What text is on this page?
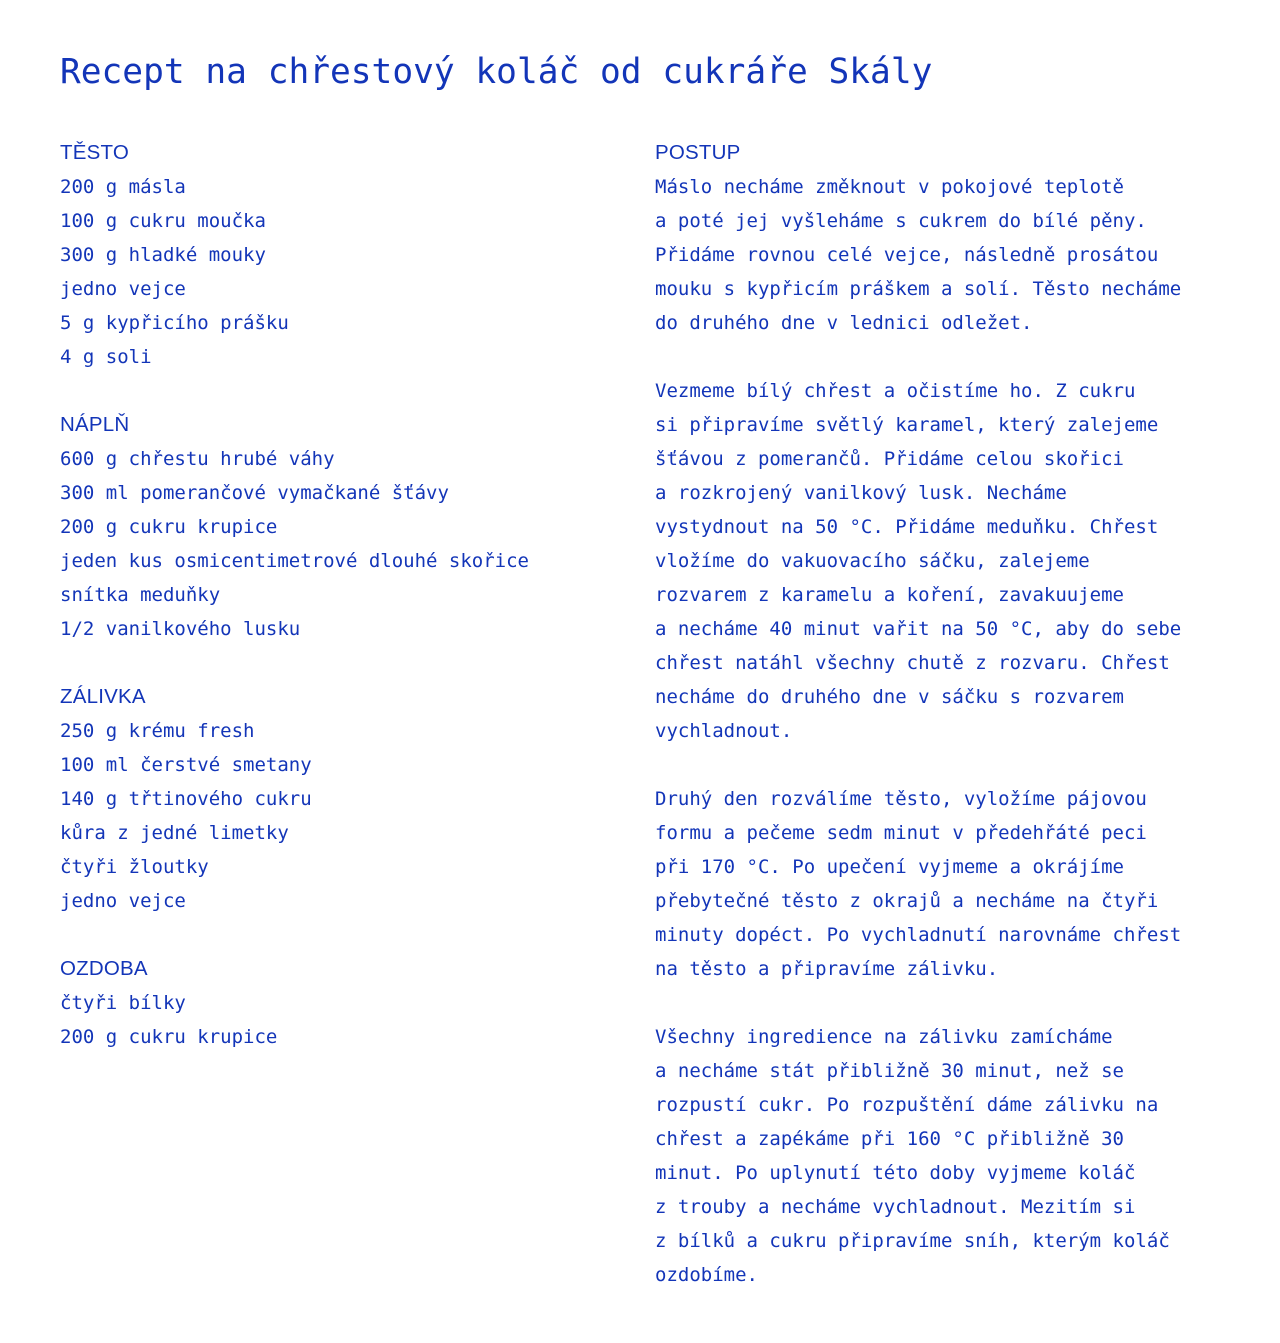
Recept na chřestový koláč od cukráře Skály
TĚSTO
200 g másla
100 g cukru moučka
300 g hladké mouky
jedno vejce
5 g kypřicího prášku
4 g soli
NÁPLŇ
600 g chřestu hrubé váhy
300 ml pomerančové vymačkané šťávy
200 g cukru krupice
jeden kus osmicentimetrové dlouhé skořice
snítka meduňky
1/2 vanilkového lusku
ZÁLIVKA
250 g krému fresh
100 ml čerstvé smetany
140 g třtinového cukru
kůra z jedné limetky
čtyři žloutky
jedno vejce
OZDOBA
čtyři bílky
200 g cukru krupice
POSTUP
Máslo necháme změknout v pokojové teplotě
a poté jej vyšleháme s cukrem do bílé pěny.
Přidáme rovnou celé vejce, následně prosátou
mouku s kypřicím práškem a solí. Těsto necháme
do druhého dne v lednici odležet.
Vezmeme bílý chřest a očistíme ho. Z cukru
si připravíme světlý karamel, který zalejeme
šťávou z pomerančů. Přidáme celou skořici
a rozkrojený vanilkový lusk. Necháme
vystydnout na 50 °C. Přidáme meduňku. Chřest
vložíme do vakuovacího sáčku, zalejeme
rozvarem z karamelu a koření, zavakuujeme
a necháme 40 minut vařit na 50 °C, aby do sebe
chřest natáhl všechny chutě z rozvaru. Chřest
necháme do druhého dne v sáčku s rozvarem
vychladnout.
Druhý den rozválíme těsto, vyložíme pájovou
formu a pečeme sedm minut v předehřáté peci
při 170 °C. Po upečení vyjmeme a okrájíme
přebytečné těsto z okrajů a necháme na čtyři
minuty dopéct. Po vychladnutí narovnáme chřest
na těsto a připravíme zálivku.
Všechny ingredience na zálivku zamícháme
a necháme stát přibližně 30 minut, než se
rozpustí cukr. Po rozpuštění dáme zálivku na
chřest a zapékáme při 160 °C přibližně 30
minut. Po uplynutí této doby vyjmeme koláč
z trouby a necháme vychladnout. Mezitím si
z bílků a cukru připravíme sníh, kterým koláč
ozdobíme.
